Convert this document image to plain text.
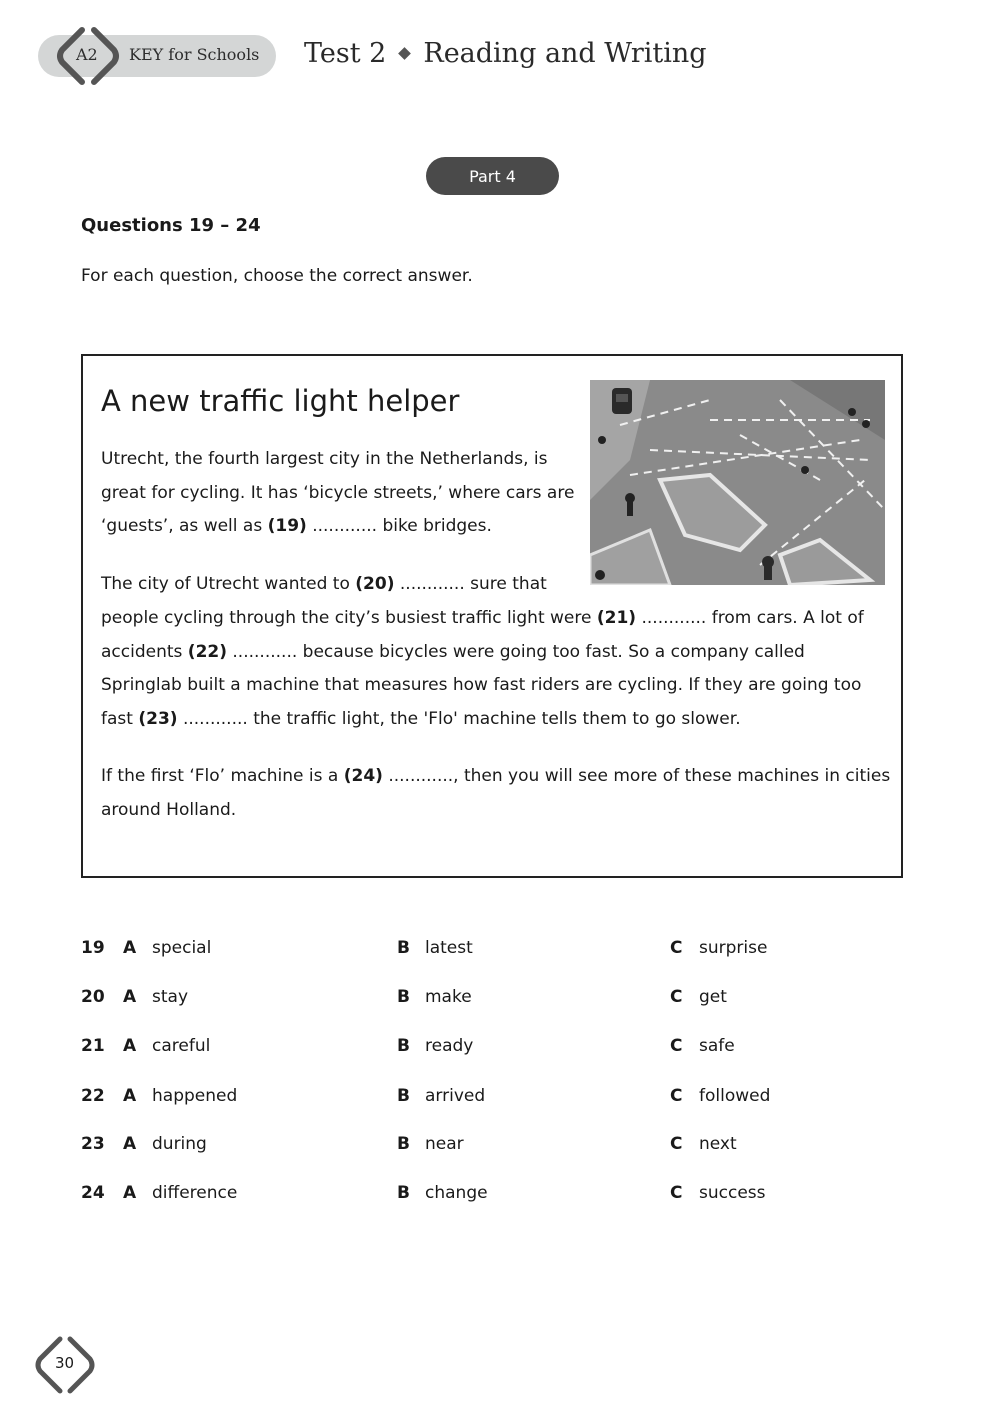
A2 KEY for Schools Test 2 Reading and Writing
Part 4
Questions 19 – 24
For each question, choose the correct answer.
A new traffic light helper
Utrecht, the fourth largest city in the Netherlands, is great for cycling. It has ‘bicycle streets,’ where cars are ‘guests’, as well as (19) ............ bike bridges.
The city of Utrecht wanted to (20) ............ sure that
people cycling through the city’s busiest traffic light were (21) ............ from cars. A lot of accidents (22) ............ because bicycles were going too fast. So a company called Springlab built a machine that measures how fast riders are cycling. If they are going too fast (23) ............ the traffic light, the 'Flo' machine tells them to go slower.
If the first ‘Flo’ machine is a (24) ............, then you will see more of these machines in cities around Holland.
19 A special	B latest	C surprise
20 A stay	B make	C get
21 A careful	B ready	C safe
22 A happened	B arrived	C followed
23 A during	B near	C next
24 A difference	B change	C success
30
